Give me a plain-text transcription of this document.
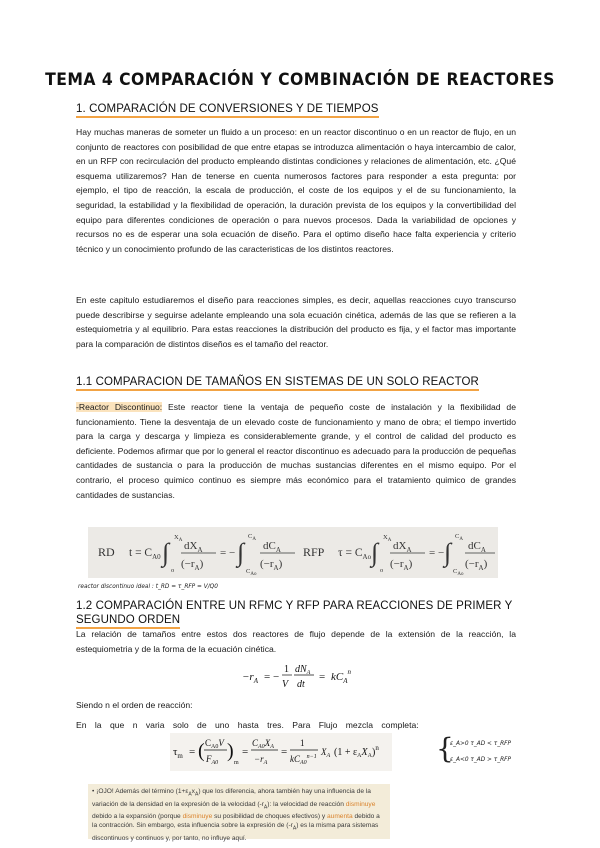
TEMA 4 COMPARACIÓN Y COMBINACIÓN DE REACTORES
1. COMPARACIÓN DE CONVERSIONES Y DE TIEMPOS
Hay muchas maneras de someter un fluido a un proceso: en un reactor discontinuo o en un reactor de flujo, en un conjunto de reactores con posibilidad de que entre etapas se introduzca alimentación o haya intercambio de calor, en un RFP con recirculación del producto empleando distintas condiciones y relaciones de alimentación, etc. ¿Qué esquema utilizaremos? Han de tenerse en cuenta numerosos factores para responder a esta pregunta: por ejemplo, el tipo de reacción, la escala de producción, el coste de los equipos y el de su funcionamiento, la seguridad, la estabilidad y la flexibilidad de operación, la duración prevista de los equipos y la convertibilidad del equipo para diferentes condiciones de operación o para nuevos procesos. Dada la variabilidad de opciones y recursos no es de esperar una sola ecuación de diseño. Para el optimo diseño hace falta experiencia y criterio técnico y un conocimiento profundo de las caracteristicas de los distintos reactores.
En este capitulo estudiaremos el diseño para reacciones simples, es decir, aquellas reacciones cuyo transcurso puede describirse y seguirse adelante empleando una sola ecuación cinética, además de las que se refieren a la estequiometria y al equilibrio. Para estas reacciones la distribución del producto es fija, y el factor mas importante para la comparación de distintos diseños es el tamaño del reactor.
1.1 COMPARACION DE TAMAÑOS EN SISTEMAS DE UN SOLO REACTOR
-Reactor Discontinuo: Este reactor tiene la ventaja de pequeño coste de instalación y la flexibilidad de funcionamiento. Tiene la desventaja de un elevado coste de funcionamiento y mano de obra; el tiempo invertido para la carga y descarga y limpieza es considerablemente grande, y el control de calidad del producto es deficiente. Podemos afirmar que por lo general el reactor discontinuo es adecuado para la producción de pequeñas cantidades de sustancia o para la producción de muchas sustancias diferentes en el mismo equipo. Por el contrario, el proceso quimico continuo es siempre más económico para el tratamiento quimico de grandes cantidades de sustancias.
RD $t = C_{A0}$ ∫
$X_A$
o
$dX_A$
$(-r_A)$
= − ∫
$C_A$
$C_{Ao}$
$dC_A$
$(-r_A)$
RFP $\tau = C_{Ao}$ ∫
$X_A$
o
$dX_A$
$(-r_A)$
= − ∫
$C_A$
$C_{Ao}$
$dC_A$
$(-r_A)$
reactor discontinuo ideal : t_RD = τ_RFP = V/Q0
1.2 COMPARACIÓN ENTRE UN RFMC Y RFP PARA REACCIONES DE PRIMER Y
SEGUNDO ORDEN
La relación de tamaños entre estos dos reactores de flujo depende de la extensión de la reacción, la estequiometria y de la forma de la ecuación cinética.
$-r_A$ = −
1
V
$dN_A$
dt
= $kC_A^n$
Siendo n el orden de reacción:
En la que n varia solo de uno hasta tres. Para Flujo mezcla completa:
$\tau_m$ = ( $C_{A0}V$
$F_{A0}$
)
m
=
$C_{A0}X_A$
$-r_A$
=
1
$kC_{A0}^{n-1}$ $X_A$ $(1 + \varepsilon_AX_A)^n$ {
ε_A>0 τ_AD < τ_RFP
ε_A<0 τ_AD > τ_RFP
• ¡OJO! Además del término $(1+\varepsilon_Ax_A)$ que los diferencia, ahora también hay una influencia de la variación de la densidad en la expresión de la velocidad $(-r_A)$: la velocidad de reacción disminuye debido a la expansión (porque disminuye su posibilidad de choques efectivos) y aumenta debido a la contracción. Sin embargo, esta influencia sobre la expresión de $(-r_A)$ es la misma para sistemas discontinuos y continuos y, por tanto, no influye aquí.
